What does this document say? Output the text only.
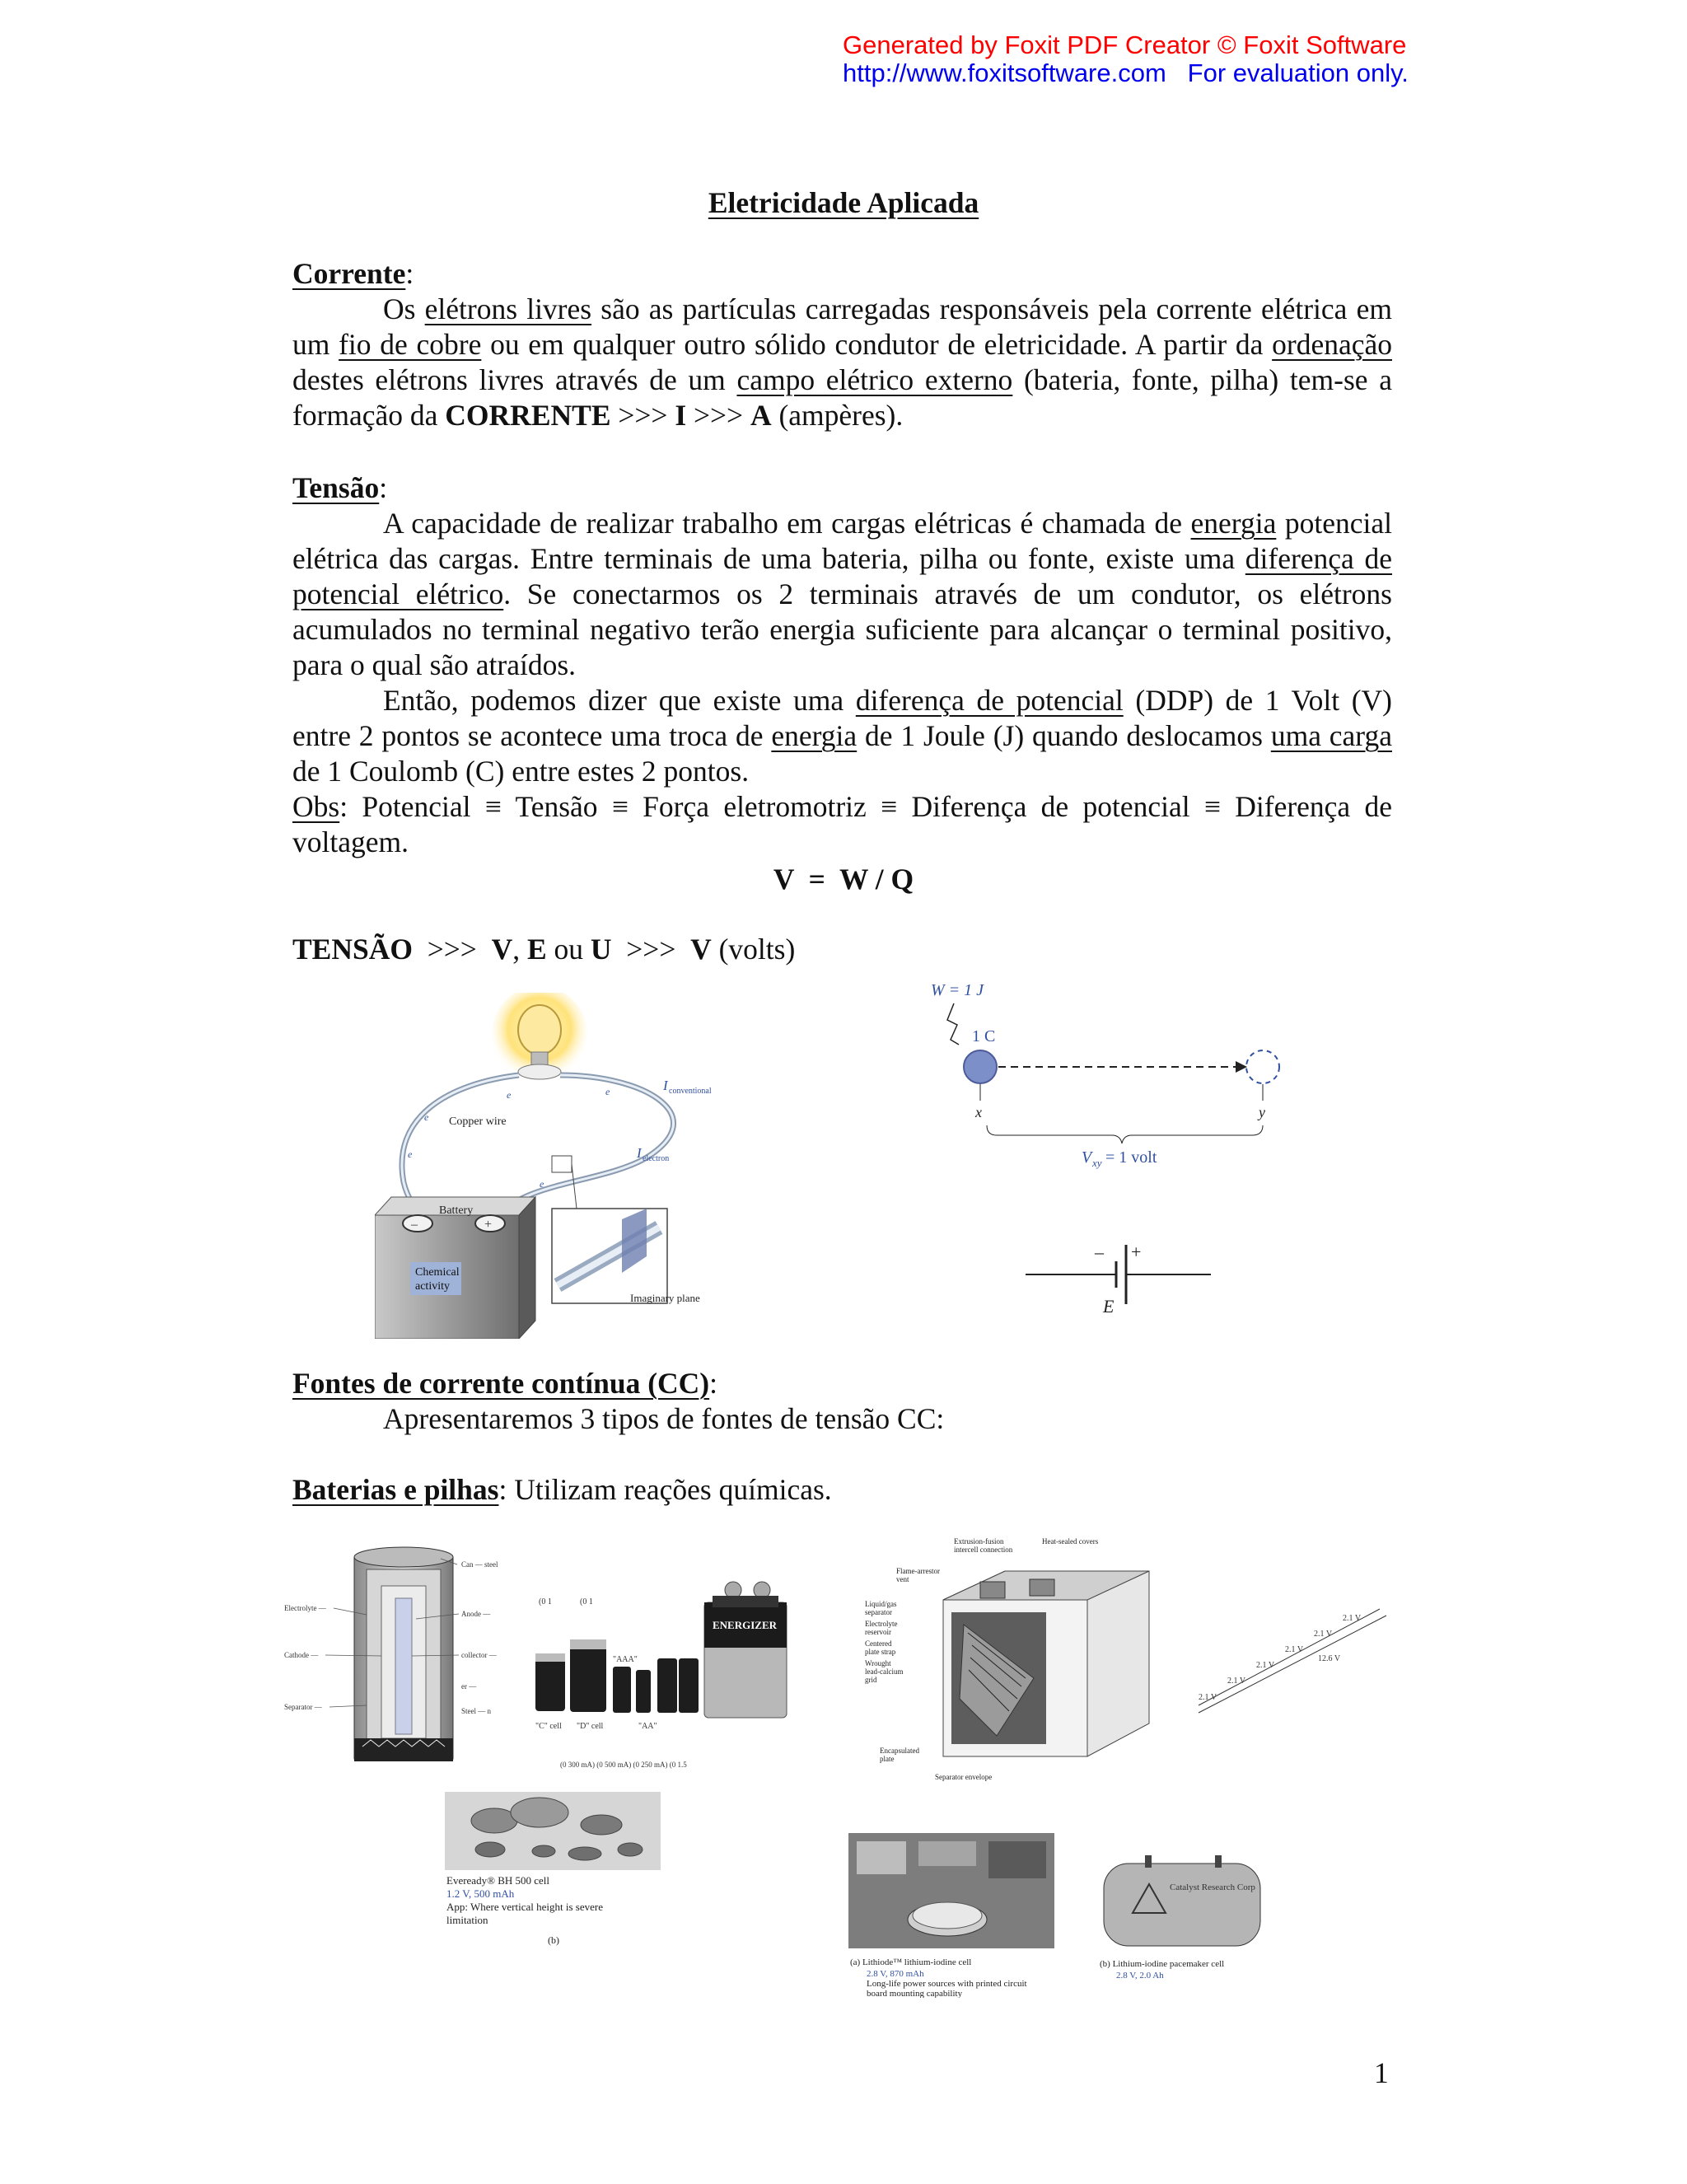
Generated by Foxit PDF Creator © Foxit Software
http://www.foxitsoftware.com For evaluation only.
Eletricidade Aplicada
Corrente:
Os elétrons livres são as partículas carregadas responsáveis pela corrente elétrica em um fio de cobre ou em qualquer outro sólido condutor de eletricidade. A partir da ordenação destes elétrons livres através de um campo elétrico externo (bateria, fonte, pilha) tem-se a formação da CORRENTE >>> I >>> A (ampères).
Tensão:
A capacidade de realizar trabalho em cargas elétricas é chamada de energia potencial elétrica das cargas. Entre terminais de uma bateria, pilha ou fonte, existe uma diferença de potencial elétrico. Se conectarmos os 2 terminais através de um condutor, os elétrons acumulados no terminal negativo terão energia suficiente para alcançar o terminal positivo, para o qual são atraídos.
Então, podemos dizer que existe uma diferença de potencial (DDP) de 1 Volt (V) entre 2 pontos se acontece uma troca de energia de 1 Joule (J) quando deslocamos uma carga de 1 Coulomb (C) entre estes 2 pontos.
Obs: Potencial ≡ Tensão ≡ Força eletromotriz ≡ Diferença de potencial ≡ Diferença de voltagem.
V  =  W / Q
TENSÃO  >>>  V, E ou U  >>>  V (volts)
–	+
Battery
Chemical
activity
Copper wire
I conventional
I electron
e
e
e	e
e
Imaginary plane
W = 1 J
1 C
x	y
V xy = 1 volt
– +
E
Fontes de corrente contínua (CC):
Apresentaremos 3 tipos de fontes de tensão CC:
Baterias e pilhas: Utilizam reações químicas.
Can — steel
Electrolyte —
Anode —
Cathode —	collector —
er —
Separator —	Steel — n
(0 1	(0 1
ENERGIZER
"AAA"
"C" cell "D" cell	"AA"
(0 300 mA) (0 500 mA) (0 250 mA) (0 1.5
Extrusion-fusion
intercell connection
Heat-sealed covers
Flame-arrestor
vent
Liquid/gas
separator
Electrolyte
reservoir
Centered
plate strap
Wrought
lead-calcium
grid
Encapsulated
plate
Separator envelope
2.1 V
2.1 V
2.1 V
2.1 V
2.1 V
2.1 V
12.6 V
Eveready® BH 500 cell
1.2 V, 500 mAh
App: Where vertical height is severe
limitation
(b)
(a) Lithiode™ lithium-iodine cell
2.8 V, 870 mAh
Long-life power sources with printed circuit
board mounting capability
Catalyst Research Corp
(b) Lithium-iodine pacemaker cell
2.8 V, 2.0 Ah
1
